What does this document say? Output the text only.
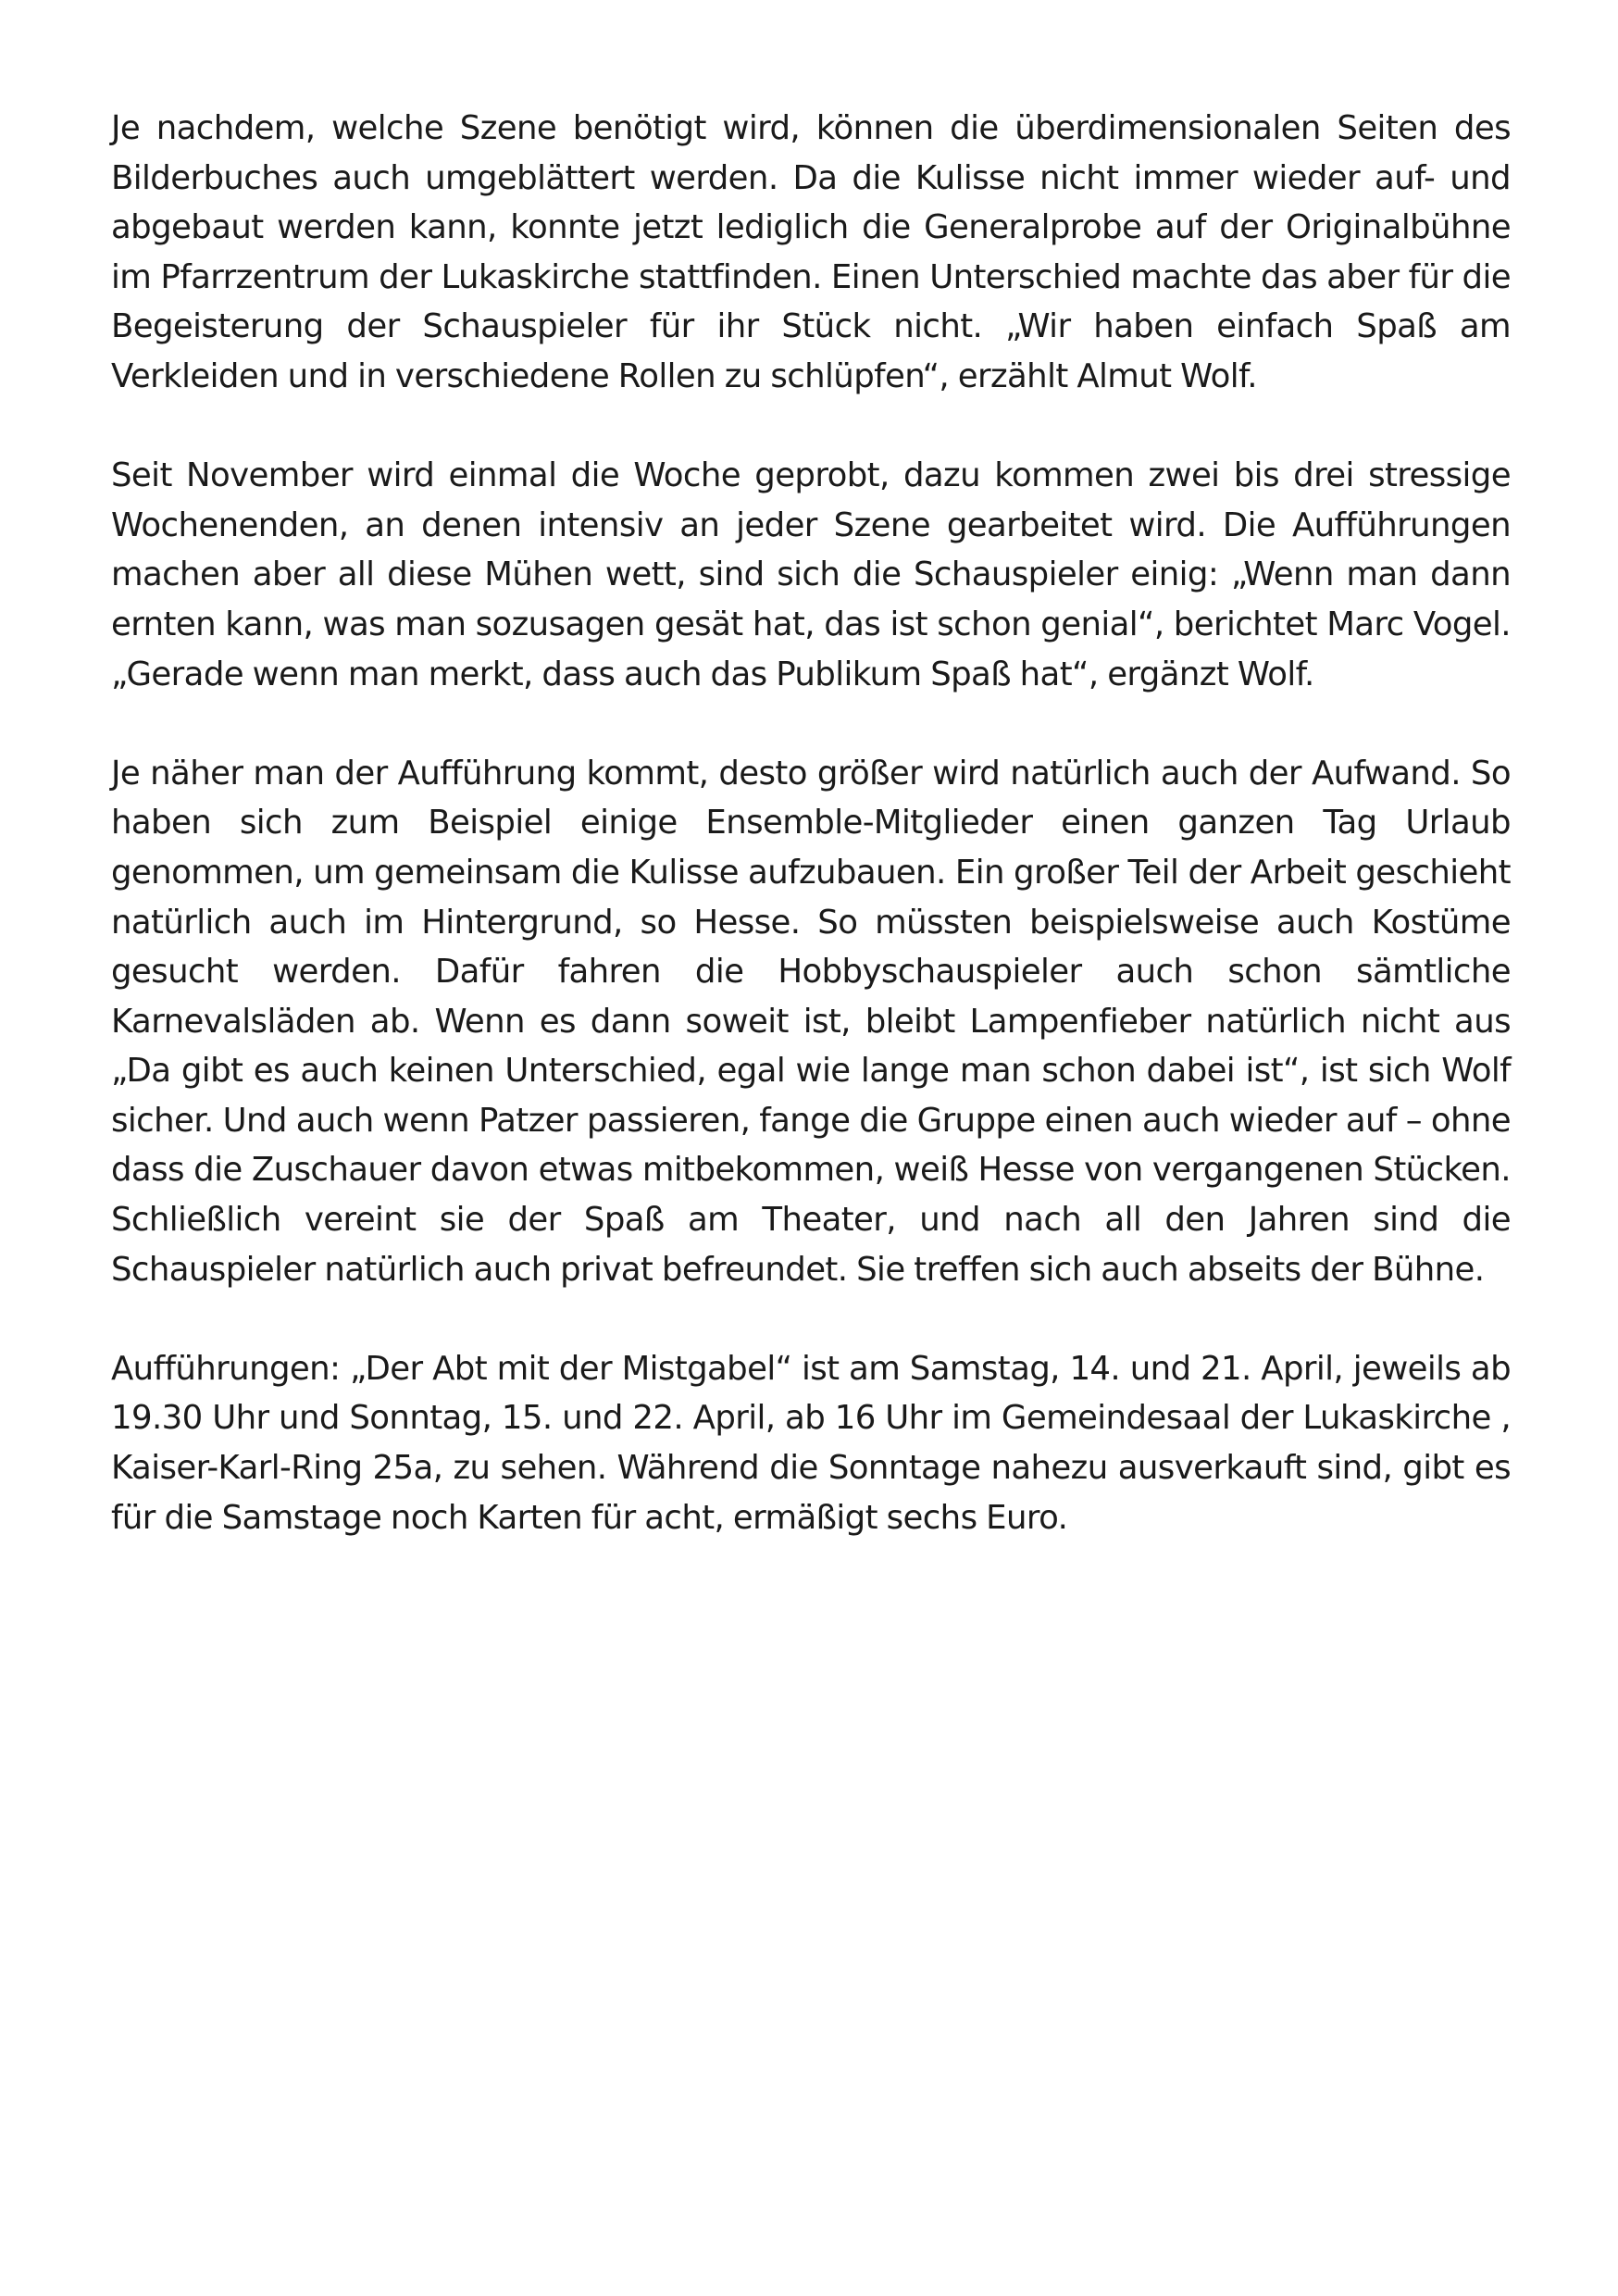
Je nachdem, welche Szene benötigt wird, können die überdimensionalen Seiten des Bilderbuches auch umgeblättert werden. Da die Kulisse nicht immer wieder auf- und abgebaut werden kann, konnte jetzt lediglich die Generalprobe auf der Originalbühne im Pfarrzentrum der Lukaskirche stattfinden. Einen Unterschied machte das aber für die Begeisterung der Schauspieler für ihr Stück nicht. „Wir haben einfach Spaß am Verkleiden und in verschiedene Rollen zu schlüpfen“, erzählt Almut Wolf.

Seit November wird einmal die Woche geprobt, dazu kommen zwei bis drei stressige Wochenenden, an denen intensiv an jeder Szene gearbeitet wird. Die Aufführungen machen aber all diese Mühen wett, sind sich die Schauspieler einig: „Wenn man dann ernten kann, was man sozusagen gesät hat, das ist schon genial“, berichtet Marc Vogel. „Gerade wenn man merkt, dass auch das Publikum Spaß hat“, ergänzt Wolf.

Je näher man der Aufführung kommt, desto größer wird natürlich auch der Aufwand. So haben sich zum Beispiel einige Ensemble-Mitglieder einen ganzen Tag Urlaub genommen, um gemeinsam die Kulisse aufzubauen. Ein großer Teil der Arbeit geschieht natürlich auch im Hintergrund, so Hesse. So müssten beispielsweise auch Kostüme gesucht werden. Dafür fahren die Hobbyschauspieler auch schon sämtliche Karnevalsläden ab. Wenn es dann soweit ist, bleibt Lampenfieber natürlich nicht aus „Da gibt es auch keinen Unterschied, egal wie lange man schon dabei ist“, ist sich Wolf sicher. Und auch wenn Patzer passieren, fange die Gruppe einen auch wieder auf – ohne dass die Zuschauer davon etwas mitbekommen, weiß Hesse von vergangenen Stücken. Schließlich vereint sie der Spaß am Theater, und nach all den Jahren sind die Schauspieler natürlich auch privat befreundet. Sie treffen sich auch abseits der Bühne.

Aufführungen: „Der Abt mit der Mistgabel“ ist am Samstag, 14. und 21. April, jeweils ab 19.30 Uhr und Sonntag, 15. und 22. April, ab 16 Uhr im Gemeindesaal der Lukaskirche , Kaiser-Karl-Ring 25a, zu sehen. Während die Sonntage nahezu ausverkauft sind, gibt es für die Samstage noch Karten für acht, ermäßigt sechs Euro.
